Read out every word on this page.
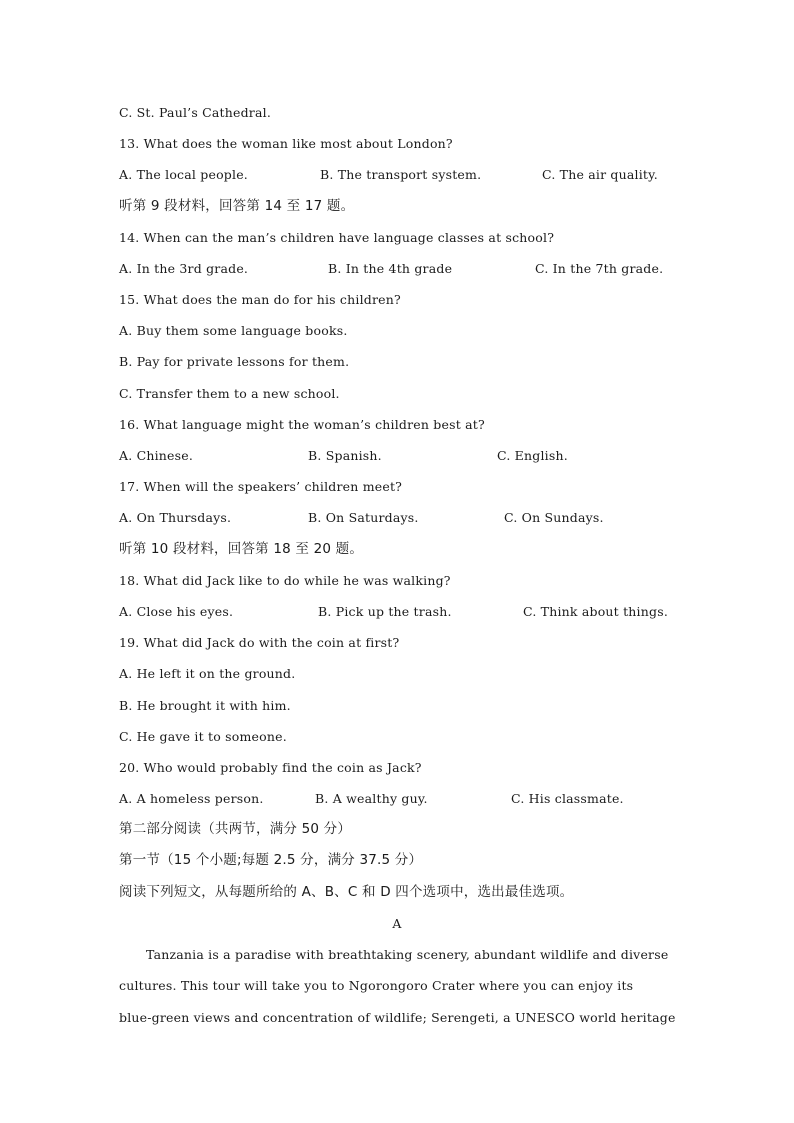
C. St. Paul’s Cathedral.
13. What does the woman like most about London?
A. The local people.	B. The transport system.	C. The air quality.
听第 9 段材料，回答第 14 至 17 题。
14. When can the man’s children have language classes at school?
A. In the 3rd grade.	B. In the 4th grade	C. In the 7th grade.
15. What does the man do for his children?
A. Buy them some language books.
B. Pay for private lessons for them.
C. Transfer them to a new school.
16. What language might the woman’s children best at?
A. Chinese.	B. Spanish.	C. English.
17. When will the speakers’ children meet?
A. On Thursdays.	B. On Saturdays.	C. On Sundays.
听第 10 段材料，回答第 18 至 20 题。
18. What did Jack like to do while he was walking?
A. Close his eyes.	B. Pick up the trash.	C. Think about things.
19. What did Jack do with the coin at first?
A. He left it on the ground.
B. He brought it with him.
C. He gave it to someone.
20. Who would probably find the coin as Jack?
A. A homeless person.	B. A wealthy guy.	C. His classmate.
第二部分阅读（共两节，满分 50 分）
第一节（15 个小题;每题 2.5 分，满分 37.5 分）
阅读下列短文，从每题所给的 A、B、C 和 D 四个选项中，选出最佳选项。
A
Tanzania is a paradise with breathtaking scenery, abundant wildlife and diverse
cultures. This tour will take you to Ngorongoro Crater where you can enjoy its
blue-green views and concentration of wildlife; Serengeti, a UNESCO world heritage
